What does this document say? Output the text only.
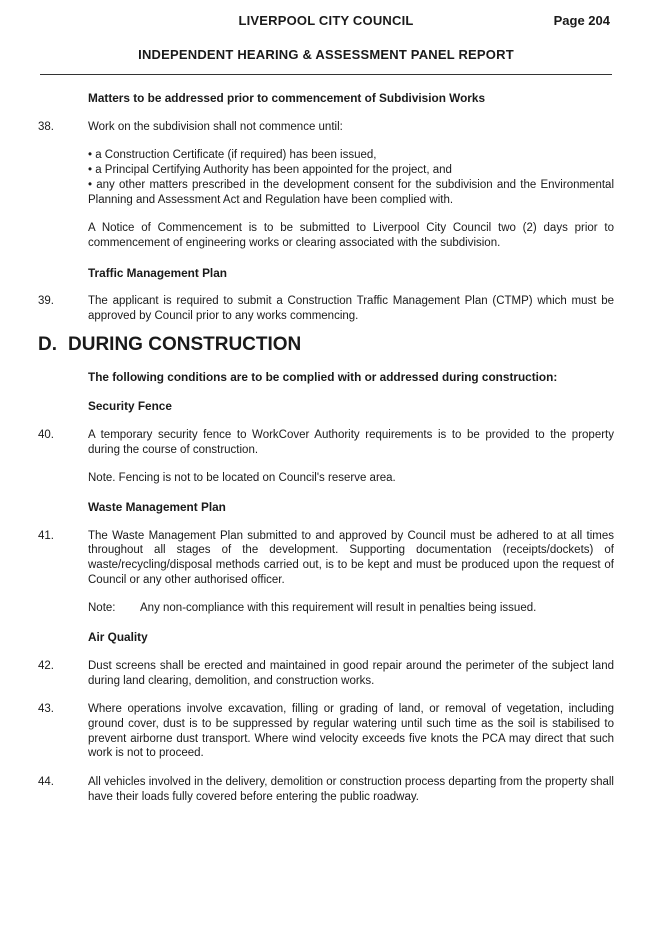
LIVERPOOL CITY COUNCIL	Page 204
INDEPENDENT HEARING & ASSESSMENT PANEL REPORT
Matters to be addressed prior to commencement of Subdivision Works
38.	Work on the subdivision shall not commence until:
• a Construction Certificate (if required) has been issued,
• a Principal Certifying Authority has been appointed for the project, and
• any other matters prescribed in the development consent for the subdivision and the Environmental Planning and Assessment Act and Regulation have been complied with.
A Notice of Commencement is to be submitted to Liverpool City Council two (2) days prior to commencement of engineering works or clearing associated with the subdivision.
Traffic Management Plan
39.	The applicant is required to submit a Construction Traffic Management Plan (CTMP) which must be approved by Council prior to any works commencing.
D. DURING CONSTRUCTION
The following conditions are to be complied with or addressed during construction:
Security Fence
40.	A temporary security fence to WorkCover Authority requirements is to be provided to the property during the course of construction.
Note. Fencing is not to be located on Council's reserve area.
Waste Management Plan
41.	The Waste Management Plan submitted to and approved by Council must be adhered to at all times throughout all stages of the development. Supporting documentation (receipts/dockets) of waste/recycling/disposal methods carried out, is to be kept and must be produced upon the request of Council or any other authorised officer.
Note:	Any non-compliance with this requirement will result in penalties being issued.
Air Quality
42.	Dust screens shall be erected and maintained in good repair around the perimeter of the subject land during land clearing, demolition, and construction works.
43.	Where operations involve excavation, filling or grading of land, or removal of vegetation, including ground cover, dust is to be suppressed by regular watering until such time as the soil is stabilised to prevent airborne dust transport. Where wind velocity exceeds five knots the PCA may direct that such work is not to proceed.
44.	All vehicles involved in the delivery, demolition or construction process departing from the property shall have their loads fully covered before entering the public roadway.
